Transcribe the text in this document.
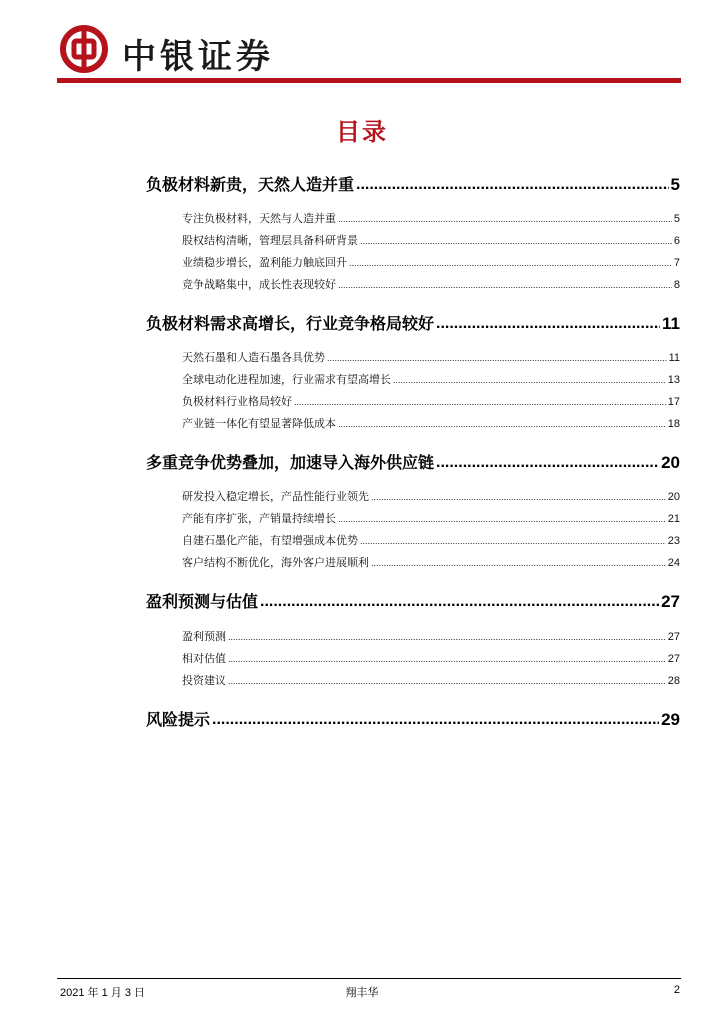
中银证券
目录
负极材料新贵，天然人造并重 .....	5
专注负极材料，天然与人造并重 .....	5
股权结构清晰，管理层具备科研背景 .....	6
业绩稳步增长，盈利能力触底回升 .....	7
竞争战略集中，成长性表现较好 .....	8
负极材料需求高增长，行业竞争格局较好 .....	11
天然石墨和人造石墨各具优势 .....	11
全球电动化进程加速，行业需求有望高增长 .....	13
负极材料行业格局较好 .....	17
产业链一体化有望显著降低成本 .....	18
多重竞争优势叠加，加速导入海外供应链 .....	20
研发投入稳定增长，产品性能行业领先 .....	20
产能有序扩张，产销量持续增长 .....	21
自建石墨化产能，有望增强成本优势 .....	23
客户结构不断优化，海外客户进展顺利 .....	24
盈利预测与估值 .....	27
盈利预测 .....	27
相对估值 .....	27
投资建议 .....	28
风险提示 .....	29
2021 年 1 月 3 日	翔丰华	2
